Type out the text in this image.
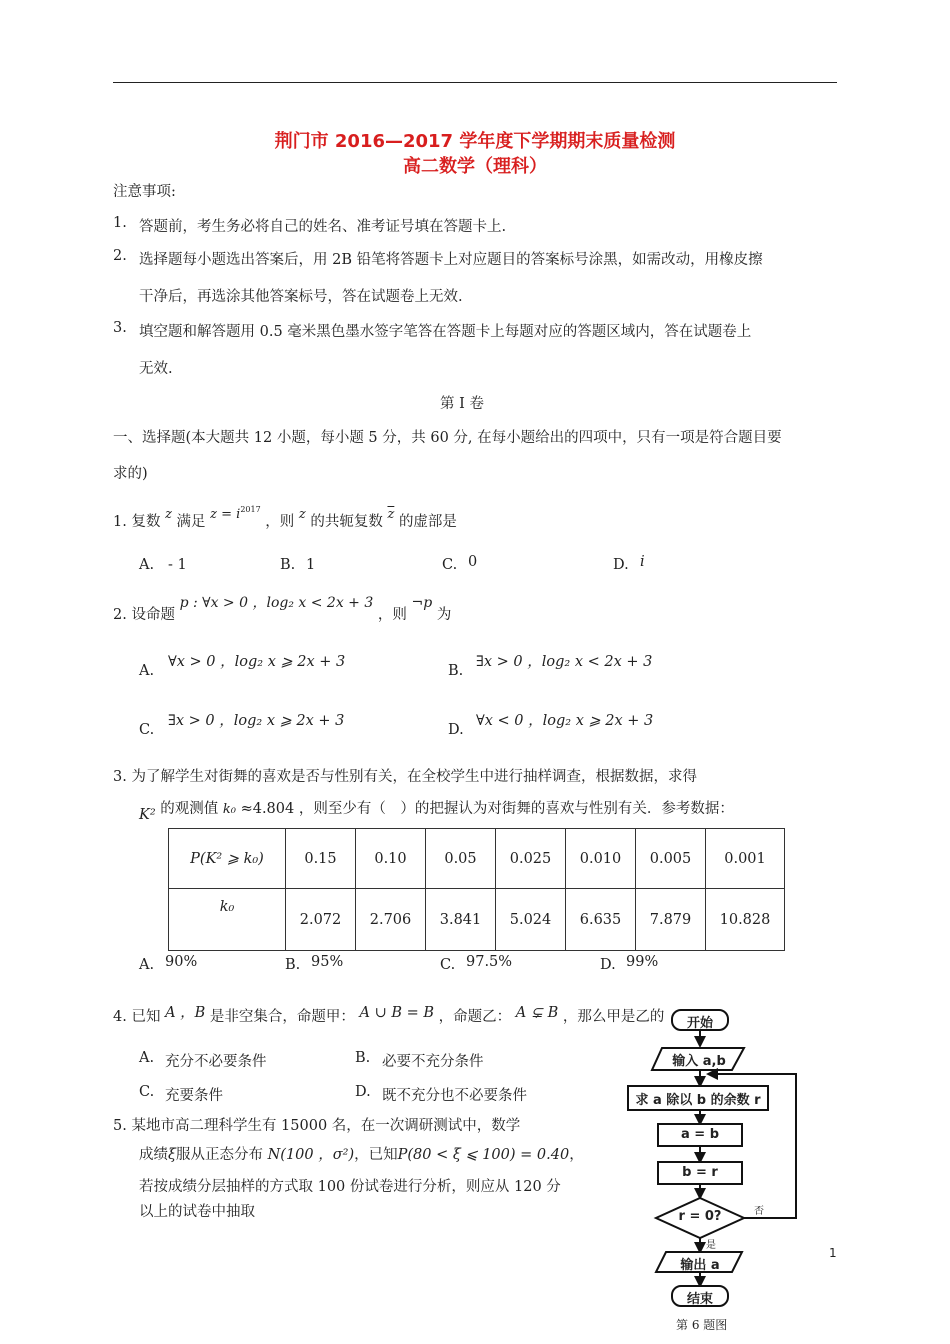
荆门市 2016—2017 学年度下学期期末质量检测
高二数学（理科）
注意事项:
1. 答题前，考生务必将自己的姓名、准考证号填在答题卡上.
2. 选择题每小题选出答案后，用 2B 铅笔将答题卡上对应题目的答案标号涂黑，如需改动，用橡皮擦
干净后，再选涂其他答案标号，答在试题卷上无效.
3. 填空题和解答题用 0.5 毫米黑色墨水签字笔答在答题卡上每题对应的答题区域内，答在试题卷上
无效.
第 Ⅰ 卷
一、选择题(本大题共 12 小题，每小题 5 分，共 60 分, 在每小题给出的四项中，只有一项是符合题目要
求的)
1. 复数 z 满足 $z = i^{2017}$ ，则 z 的共轭复数 $\overline{z}$ 的虚部是
A. - 1	B. 1	C. 0	D. i
2. 设命题 p : ∀x > 0 ，log₂ x < 2x + 3 ，则 ¬p 为
A.
∀x > 0 ，log₂ x ⩾ 2x + 3
B.
∃x > 0 ，log₂ x < 2x + 3
C.
∃x > 0 ，log₂ x ⩾ 2x + 3
D.
∀x < 0 ，log₂ x ⩾ 2x + 3
3. 为了解学生对街舞的喜欢是否与性别有关，在全校学生中进行抽样调查，根据数据，求得
K² 的观测值 k₀ ≈4.804 ，则至少有（　）的把握认为对街舞的喜欢与性别有关．参考数据：
P(K² ⩾ k₀)	0.15	0.10	0.05	0.025	0.010	0.005	0.001
k₀	2.072	2.706	3.841	5.024	6.635	7.879	10.828
A. 90%	B. 95%	C. 97.5%	D. 99%
4. 已知 A ，B 是非空集合，命题甲： A ∪ B = B ，命题乙： A ⊊ B ，那么甲是乙的
A. 充分不必要条件	B. 必要不充分条件
C. 充要条件	D. 既不充分也不必要条件
5. 某地市高二理科学生有 15000 名，在一次调研测试中，数学
成绩ξ服从正态分布 N(100 ，σ²)，已知P(80 < ξ ⩽ 100) = 0.40，
若按成绩分层抽样的方式取 100 份试卷进行分析，则应从 120 分
以上的试卷中抽取
开始
输入 a,b
求 a 除以 b 的余数 r
a = b
b = r
r = 0?	否
是
输出 a
结束
第 6 题图
1
